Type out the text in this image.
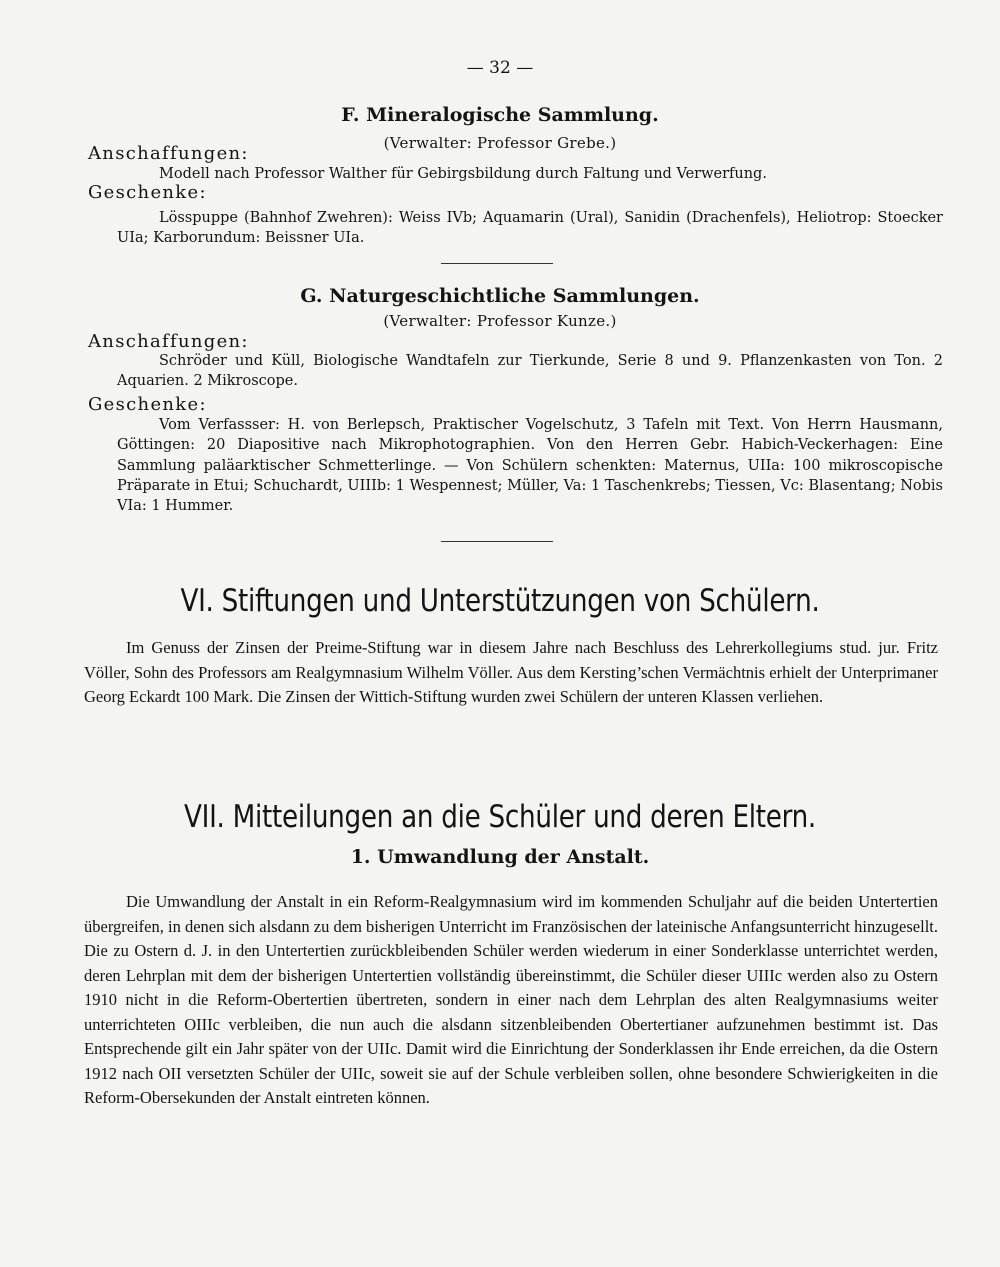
— 32 —
F. Mineralogische Sammlung.
(Verwalter: Professor Grebe.)
Anschaffungen:

Modell nach Professor Walther für Gebirgsbildung durch Faltung und Verwerfung.

Geschenke:

Lösspuppe (Bahnhof Zwehren): Weiss IVb; Aquamarin (Ural), Sanidin (Drachenfels), Heliotrop: Stoecker UIa; Karborundum: Beissner UIa.

G. Naturgeschichtliche Sammlungen.
(Verwalter: Professor Kunze.)
Anschaffungen:

Schröder und Küll, Biologische Wandtafeln zur Tierkunde, Serie 8 und 9. Pflanzenkasten von Ton. 2 Aquarien. 2 Mikroscope.

Geschenke:

Vom Verfassser: H. von Berlepsch, Praktischer Vogelschutz, 3 Tafeln mit Text. Von Herrn Hausmann, Göttingen: 20 Diapositive nach Mikrophotographien. Von den Herren Gebr. Habich-Veckerhagen: Eine Sammlung paläarktischer Schmetterlinge. — Von Schülern schenkten: Maternus, UIIa: 100 mikroscopische Präparate in Etui; Schuchardt, UIIIb: 1 Wespennest; Müller, Va: 1 Taschenkrebs; Tiessen, Vc: Blasentang; Nobis VIa: 1 Hummer.

VI. Stiftungen und Unterstützungen von Schülern.

Im Genuss der Zinsen der Preime-Stiftung war in diesem Jahre nach Beschluss des Lehrerkollegiums stud. jur. Fritz Völler, Sohn des Professors am Realgymnasium Wilhelm Völler. Aus dem Kersting’schen Vermächtnis erhielt der Unterprimaner Georg Eckardt 100 Mark. Die Zinsen der Wittich-Stiftung wurden zwei Schülern der unteren Klassen verliehen.

VII. Mitteilungen an die Schüler und deren Eltern.
1. Umwandlung der Anstalt.

Die Umwandlung der Anstalt in ein Reform-Realgymnasium wird im kommenden Schuljahr auf die beiden Untertertien übergreifen, in denen sich alsdann zu dem bisherigen Unterricht im Französischen der lateinische Anfangsunterricht hinzugesellt. Die zu Ostern d. J. in den Untertertien zurückbleibenden Schüler werden wiederum in einer Sonderklasse unterrichtet werden, deren Lehrplan mit dem der bisherigen Untertertien vollständig übereinstimmt, die Schüler dieser UIIIc werden also zu Ostern 1910 nicht in die Reform-Obertertien übertreten, sondern in einer nach dem Lehrplan des alten Realgymnasiums weiter unterrichteten OIIIc verbleiben, die nun auch die alsdann sitzenbleibenden Obertertianer aufzunehmen bestimmt ist. Das Entsprechende gilt ein Jahr später von der UIIc. Damit wird die Einrichtung der Sonderklassen ihr Ende erreichen, da die Ostern 1912 nach OII versetzten Schüler der UIIc, soweit sie auf der Schule verbleiben sollen, ohne besondere Schwierigkeiten in die Reform-Obersekunden der Anstalt eintreten können.
